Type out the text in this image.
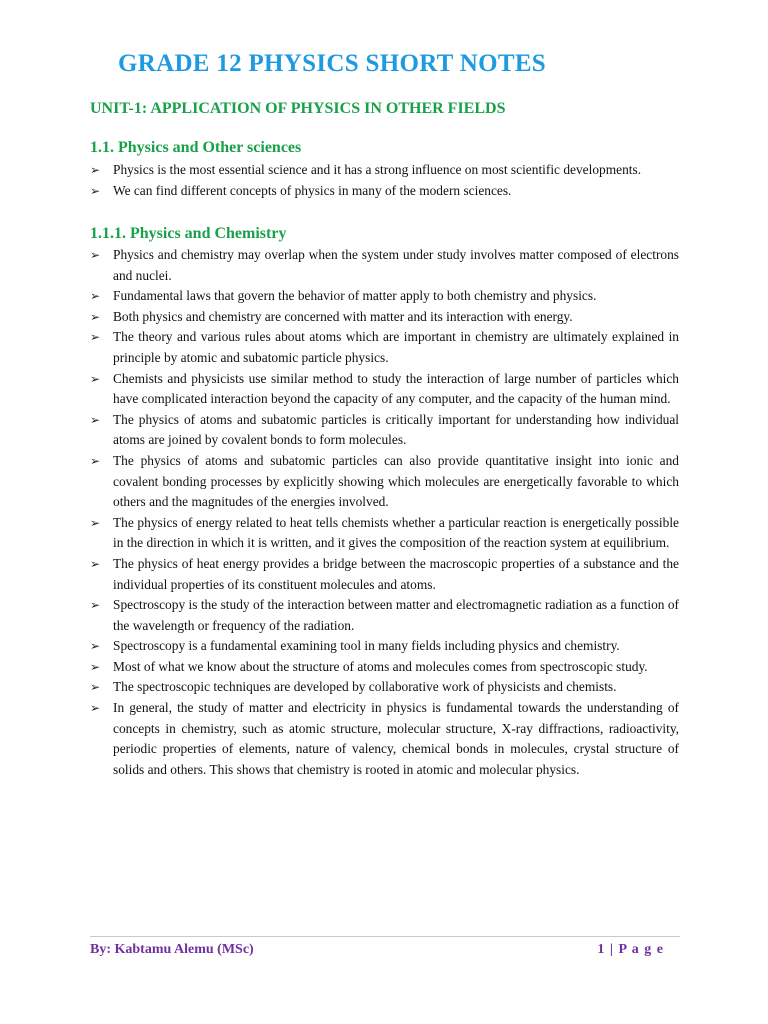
GRADE 12 PHYSICS SHORT NOTES
UNIT-1: APPLICATION OF PHYSICS IN OTHER FIELDS
1.1. Physics and Other sciences
➢ Physics is the most essential science and it has a strong influence on most scientific developments.
➢ We can find different concepts of physics in many of the modern sciences.
1.1.1. Physics and Chemistry
➢ Physics and chemistry may overlap when the system under study involves matter composed of electrons and nuclei.
➢ Fundamental laws that govern the behavior of matter apply to both chemistry and physics.
➢ Both physics and chemistry are concerned with matter and its interaction with energy.
➢ The theory and various rules about atoms which are important in chemistry are ultimately explained in principle by atomic and subatomic particle physics.
➢ Chemists and physicists use similar method to study the interaction of large number of particles which have complicated interaction beyond the capacity of any computer, and the capacity of the human mind.
➢ The physics of atoms and subatomic particles is critically important for understanding how individual atoms are joined by covalent bonds to form molecules.
➢ The physics of atoms and subatomic particles can also provide quantitative insight into ionic and covalent bonding processes by explicitly showing which molecules are energetically favorable to which others and the magnitudes of the energies involved.
➢ The physics of energy related to heat tells chemists whether a particular reaction is energetically possible in the direction in which it is written, and it gives the composition of the reaction system at equilibrium.
➢ The physics of heat energy provides a bridge between the macroscopic properties of a substance and the individual properties of its constituent molecules and atoms.
➢ Spectroscopy is the study of the interaction between matter and electromagnetic radiation as a function of the wavelength or frequency of the radiation.
➢ Spectroscopy is a fundamental examining tool in many fields including physics and chemistry.
➢ Most of what we know about the structure of atoms and molecules comes from spectroscopic study.
➢ The spectroscopic techniques are developed by collaborative work of physicists and chemists.
➢ In general, the study of matter and electricity in physics is fundamental towards the understanding of concepts in chemistry, such as atomic structure, molecular structure, X-ray diffractions, radioactivity, periodic properties of elements, nature of valency, chemical bonds in molecules, crystal structure of solids and others. This shows that chemistry is rooted in atomic and molecular physics.
By: Kabtamu Alemu (MSc)	1 | P a g e
